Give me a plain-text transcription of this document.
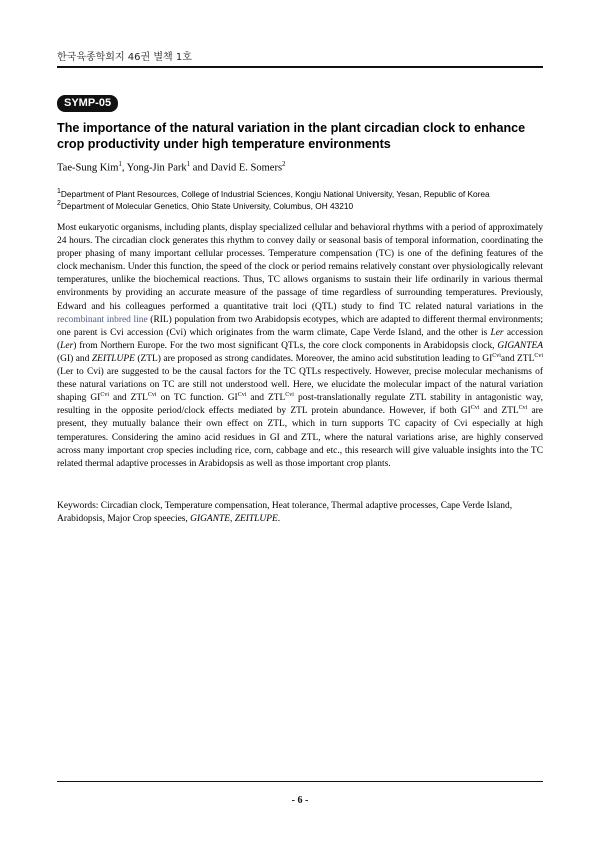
한국육종학회지 46권 별책 1호
SYMP-05
The importance of the natural variation in the plant circadian clock to enhance crop productivity under high temperature environments
Tae-Sung Kim$^1$, Yong-Jin Park$^1$ and David E. Somers$^2$
$^1$Department of Plant Resources, College of Industrial Sciences, Kongju National University, Yesan, Republic of Korea
$^2$Department of Molecular Genetics, Ohio State University, Columbus, OH 43210

Most eukaryotic organisms, including plants, display specialized cellular and behavioral rhythms with a period of approximately 24 hours. The circadian clock generates this rhythm to convey daily or seasonal basis of temporal information, coordinating the proper phasing of many important cellular processes. Temperature compensation (TC) is one of the defining features of the clock mechanism. Under this function, the speed of the clock or period remains relatively constant over physiologically relevant temperatures, unlike the biochemical reactions. Thus, TC allows organisms to sustain their life ordinarily in various thermal environments by providing an accurate measure of the passage of time regardless of surrounding temperatures. Previously, Edward and his colleagues performed a quantitative trait loci (QTL) study to find TC related natural variations in the recombinant inbred line (RIL) population from two Arabidopsis ecotypes, which are adapted to different thermal environments; one parent is Cvi accession (Cvi) which originates from the warm climate, Cape Verde Island, and the other is Ler accession (Ler) from Northern Europe. For the two most significant QTLs, the core clock components in Arabidopsis clock, GIGANTEA (GI) and ZEITLUPE (ZTL) are proposed as strong candidates. Moreover, the amino acid substitution leading to $GI^{Cvi}and$ $ZTL^{Cvi}$ (Ler to Cvi) are suggested to be the causal factors for the TC QTLs respectively. However, precise molecular mechanisms of these natural variations on TC are still not understood well. Here, we elucidate the molecular impact of the natural variation shaping $GI^{Cvi}$ and $ZTL^{Cvi}$ on TC function. $GI^{Cvi}$ and $ZTL^{Cvi}$ post-translationally regulate ZTL stability in antagonistic way, resulting in the opposite period/clock effects mediated by ZTL protein abundance. However, if both $GI^{Cvi}$ and $ZTL^{Cvi}$ are present, they mutually balance their own effect on ZTL, which in turn supports TC capacity of Cvi especially at high temperatures. Considering the amino acid residues in GI and ZTL, where the natural variations arise, are highly conserved across many important crop species including rice, corn, cabbage and etc., this research will give valuable insights into the TC related thermal adaptive processes in Arabidopsis as well as those important crop plants.

Keywords: Circadian clock, Temperature compensation, Heat tolerance, Thermal adaptive processes, Cape Verde Island, Arabidopsis, Major Crop speecies, GIGANTE, ZEITLUPE.

- 6 -
